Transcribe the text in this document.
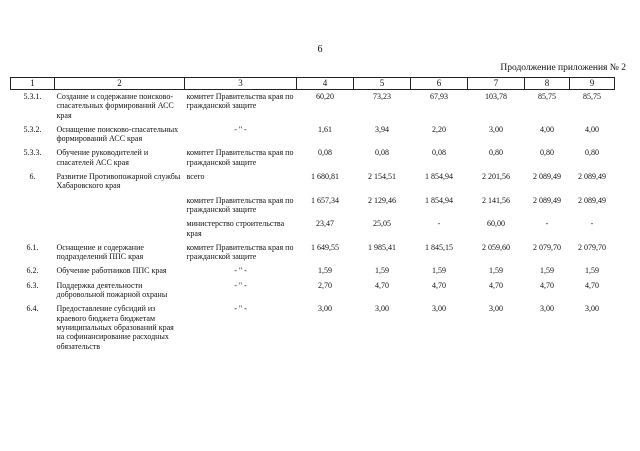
6
Продолжение приложения № 2
1	2	3	4	5	6	7	8	9
5.3.1.	Создание и содержание поисково-спасательных формирований АСС края	комитет Правительства края по гражданской защите	60,20	73,23	67,93	103,78	85,75	85,75
5.3.2.	Оснащение поисково-спасательных формирований АСС края	- " -	1,61	3,94	2,20	3,00	4,00	4,00
5.3.3.	Обучение руководителей и спасателей АСС края	комитет Правительства края по гражданской защите	0,08	0,08	0,08	0,80	0,80	0,80
6.	Развитие Противопожарной службы Хабаровского края	всего	1 680,81	2 154,51	1 854,94	2 201,56	2 089,49	2 089,49
		комитет Правительства края по гражданской защите	1 657,34	2 129,46	1 854,94	2 141,56	2 089,49	2 089,49
		министерство строительства края	23,47	25,05	-	60,00	-	-
6.1.	Оснащение и содержание подразделений ППС края	комитет Правительства края по гражданской защите	1 649,55	1 985,41	1 845,15	2 059,60	2 079,70	2 079,70
6.2.	Обучение работников ППС края	- " -	1,59	1,59	1,59	1,59	1,59	1,59
6.3.	Поддержка деятельности добровольной пожарной охраны	- " -	2,70	4,70	4,70	4,70	4,70	4,70
6.4.	Предоставление субсидий из краевого бюджета бюджетам муниципальных образований края на софинансирование расходных обязательств	- " -	3,00	3,00	3,00	3,00	3,00	3,00
